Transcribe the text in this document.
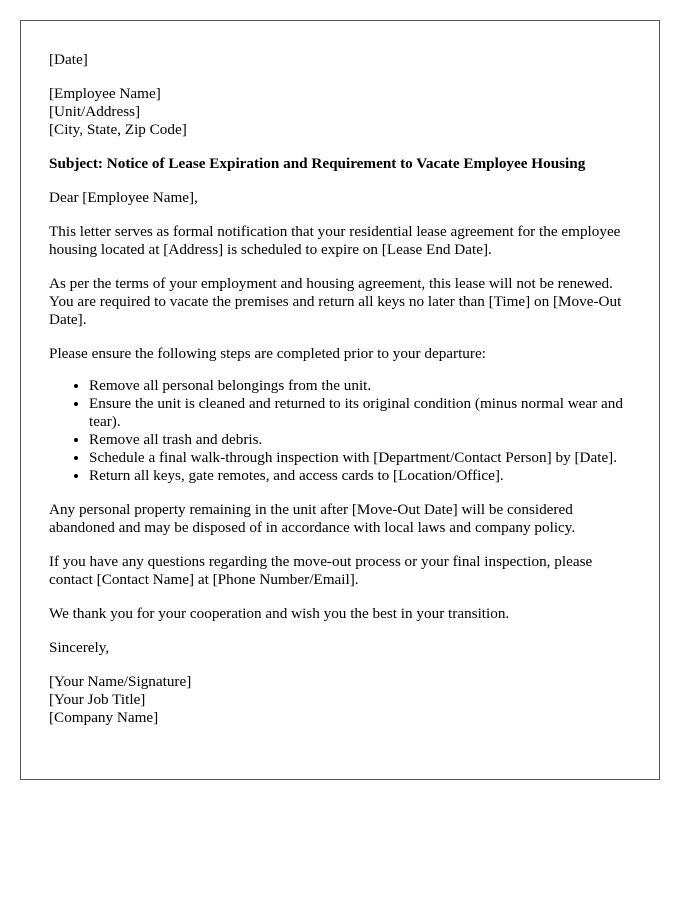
[Date]

[Employee Name]
[Unit/Address]
[City, State, Zip Code]

Subject: Notice of Lease Expiration and Requirement to Vacate Employee Housing

Dear [Employee Name],

This letter serves as formal notification that your residential lease agreement for the employee housing located at [Address] is scheduled to expire on [Lease End Date].

As per the terms of your employment and housing agreement, this lease will not be renewed. You are required to vacate the premises and return all keys no later than [Time] on [Move-Out Date].

Please ensure the following steps are completed prior to your departure:

• Remove all personal belongings from the unit.
• Ensure the unit is cleaned and returned to its original condition (minus normal wear and tear).
• Remove all trash and debris.
• Schedule a final walk-through inspection with [Department/Contact Person] by [Date].
• Return all keys, gate remotes, and access cards to [Location/Office].

Any personal property remaining in the unit after [Move-Out Date] will be considered abandoned and may be disposed of in accordance with local laws and company policy.

If you have any questions regarding the move-out process or your final inspection, please contact [Contact Name] at [Phone Number/Email].

We thank you for your cooperation and wish you the best in your transition.

Sincerely,

[Your Name/Signature]
[Your Job Title]
[Company Name]
